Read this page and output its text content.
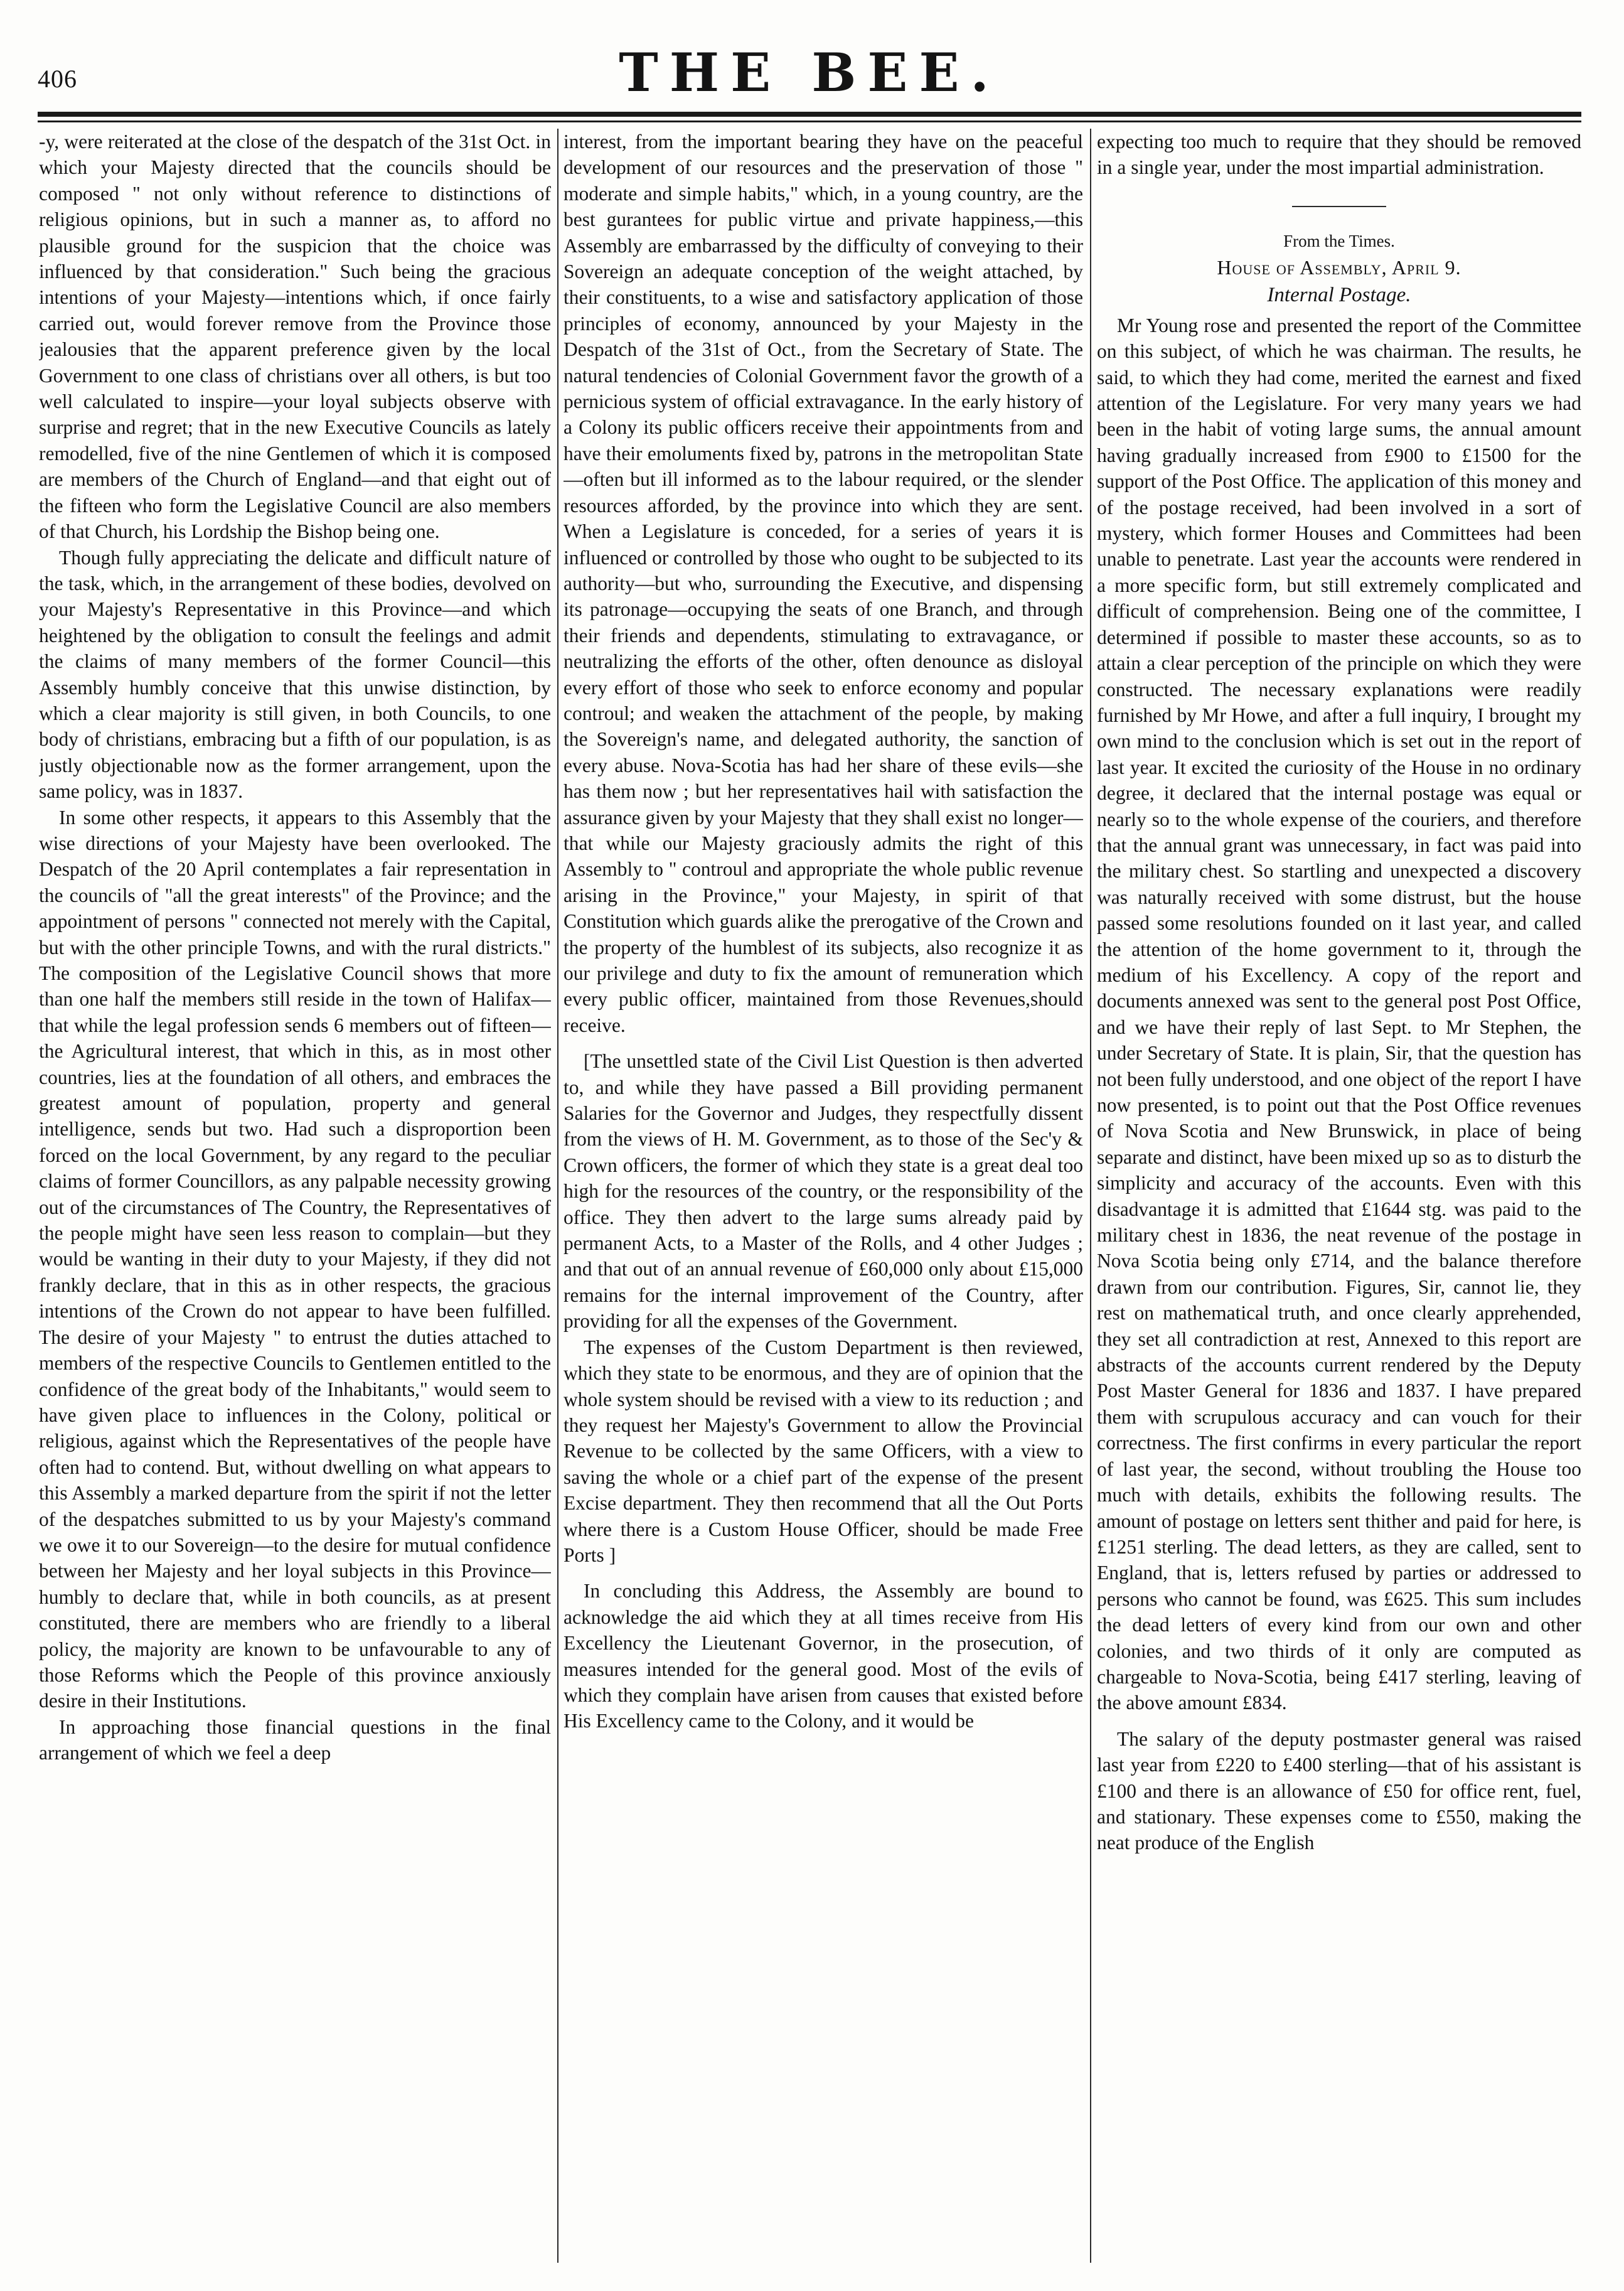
406	THE BEE.

-y, were reiterated at the close of the despatch of the 31st Oct. in which your Majesty directed that the councils should be composed " not only without reference to distinctions of religious opinions, but in such a manner as, to afford no plausible ground for the suspicion that the choice was influenced by that consideration." Such being the gracious intentions of your Majesty—intentions which, if once fairly carried out, would forever remove from the Province those jealousies that the apparent preference given by the local Government to one class of christians over all others, is but too well calculated to inspire—your loyal subjects observe with surprise and regret; that in the new Executive Councils as lately remodelled, five of the nine Gentlemen of which it is composed are members of the Church of England—and that eight out of the fifteen who form the Legislative Council are also members of that Church, his Lordship the Bishop being one.

Though fully appreciating the delicate and difficult nature of the task, which, in the arrangement of these bodies, devolved on your Majesty's Representative in this Province—and which heightened by the obligation to consult the feelings and admit the claims of many members of the former Council—this Assembly humbly conceive that this unwise distinction, by which a clear majority is still given, in both Councils, to one body of christians, embracing but a fifth of our population, is as justly objectionable now as the former arrangement, upon the same policy, was in 1837.

In some other respects, it appears to this Assembly that the wise directions of your Majesty have been overlooked. The Despatch of the 20 April contemplates a fair representation in the councils of "all the great interests" of the Province; and the appointment of persons " connected not merely with the Capital, but with the other principle Towns, and with the rural districts." The composition of the Legislative Council shows that more than one half the members still reside in the town of Halifax—that while the legal profession sends 6 members out of fifteen—the Agricultural interest, that which in this, as in most other countries, lies at the foundation of all others, and embraces the greatest amount of population, property and general intelligence, sends but two. Had such a disproportion been forced on the local Government, by any regard to the peculiar claims of former Councillors, as any palpable necessity growing out of the circumstances of The Country, the Representatives of the people might have seen less reason to complain—but they would be wanting in their duty to your Majesty, if they did not frankly declare, that in this as in other respects, the gracious intentions of the Crown do not appear to have been fulfilled. The desire of your Majesty " to entrust the duties attached to members of the respective Councils to Gentlemen entitled to the confidence of the great body of the Inhabitants," would seem to have given place to influences in the Colony, political or religious, against which the Representatives of the people have often had to contend. But, without dwelling on what appears to this Assembly a marked departure from the spirit if not the letter of the despatches submitted to us by your Majesty's command we owe it to our Sovereign—to the desire for mutual confidence between her Majesty and her loyal subjects in this Province—humbly to declare that, while in both councils, as at present constituted, there are members who are friendly to a liberal policy, the majority are known to be unfavourable to any of those Reforms which the People of this province anxiously desire in their Institutions.

In approaching those financial questions in the final arrangement of which we feel a deep

interest, from the important bearing they have on the peaceful development of our resources and the preservation of those " moderate and simple habits," which, in a young country, are the best gurantees for public virtue and private happiness,—this Assembly are embarrassed by the difficulty of conveying to their Sovereign an adequate conception of the weight attached, by their constituents, to a wise and satisfactory application of those principles of economy, announced by your Majesty in the Despatch of the 31st of Oct., from the Secretary of State. The natural tendencies of Colonial Government favor the growth of a pernicious system of official extravagance. In the early history of a Colony its public officers receive their appointments from and have their emoluments fixed by, patrons in the metropolitan State—often but ill informed as to the labour required, or the slender resources afforded, by the province into which they are sent. When a Legislature is conceded, for a series of years it is influenced or controlled by those who ought to be subjected to its authority—but who, surrounding the Executive, and dispensing its patronage—occupying the seats of one Branch, and through their friends and dependents, stimulating to extravagance, or neutralizing the efforts of the other, often denounce as disloyal every effort of those who seek to enforce economy and popular controul; and weaken the attachment of the people, by making the Sovereign's name, and delegated authority, the sanction of every abuse. Nova-Scotia has had her share of these evils—she has them now ; but her representatives hail with satisfaction the assurance given by your Majesty that they shall exist no longer—that while our Majesty graciously admits the right of this Assembly to " controul and appropriate the whole public revenue arising in the Province," your Majesty, in spirit of that Constitution which guards alike the prerogative of the Crown and the property of the humblest of its subjects, also recognize it as our privilege and duty to fix the amount of remuneration which every public officer, maintained from those Revenues,should receive.

[The unsettled state of the Civil List Question is then adverted to, and while they have passed a Bill providing permanent Salaries for the Governor and Judges, they respectfully dissent from the views of H. M. Government, as to those of the Sec'y & Crown officers, the former of which they state is a great deal too high for the resources of the country, or the responsibility of the office. They then advert to the large sums already paid by permanent Acts, to a Master of the Rolls, and 4 other Judges ; and that out of an annual revenue of £60,000 only about £15,000 remains for the internal improvement of the Country, after providing for all the expenses of the Government.

The expenses of the Custom Department is then reviewed, which they state to be enormous, and they are of opinion that the whole system should be revised with a view to its reduction ; and they request her Majesty's Government to allow the Provincial Revenue to be collected by the same Officers, with a view to saving the whole or a chief part of the expense of the present Excise department. They then recommend that all the Out Ports where there is a Custom House Officer, should be made Free Ports ]

In concluding this Address, the Assembly are bound to acknowledge the aid which they at all times receive from His Excellency the Lieutenant Governor, in the prosecution, of measures intended for the general good. Most of the evils of which they complain have arisen from causes that existed before His Excellency came to the Colony, and it would be

expecting too much to require that they should be removed in a single year, under the most impartial administration.

From the Times.
House of Assembly, April 9.
Internal Postage.

Mr Young rose and presented the report of the Committee on this subject, of which he was chairman. The results, he said, to which they had come, merited the earnest and fixed attention of the Legislature. For very many years we had been in the habit of voting large sums, the annual amount having gradually increased from £900 to £1500 for the support of the Post Office. The application of this money and of the postage received, had been involved in a sort of mystery, which former Houses and Committees had been unable to penetrate. Last year the accounts were rendered in a more specific form, but still extremely complicated and difficult of comprehension. Being one of the committee, I determined if possible to master these accounts, so as to attain a clear perception of the principle on which they were constructed. The necessary explanations were readily furnished by Mr Howe, and after a full inquiry, I brought my own mind to the conclusion which is set out in the report of last year. It excited the curiosity of the House in no ordinary degree, it declared that the internal postage was equal or nearly so to the whole expense of the couriers, and therefore that the annual grant was unnecessary, in fact was paid into the military chest. So startling and unexpected a discovery was naturally received with some distrust, but the house passed some resolutions founded on it last year, and called the attention of the home government to it, through the medium of his Excellency. A copy of the report and documents annexed was sent to the general post Post Office, and we have their reply of last Sept. to Mr Stephen, the under Secretary of State. It is plain, Sir, that the question has not been fully understood, and one object of the report I have now presented, is to point out that the Post Office revenues of Nova Scotia and New Brunswick, in place of being separate and distinct, have been mixed up so as to disturb the simplicity and accuracy of the accounts. Even with this disadvantage it is admitted that £1644 stg. was paid to the military chest in 1836, the neat revenue of the postage in Nova Scotia being only £714, and the balance therefore drawn from our contribution. Figures, Sir, cannot lie, they rest on mathematical truth, and once clearly apprehended, they set all contradiction at rest, Annexed to this report are abstracts of the accounts current rendered by the Deputy Post Master General for 1836 and 1837. I have prepared them with scrupulous accuracy and can vouch for their correctness. The first confirms in every particular the report of last year, the second, without troubling the House too much with details, exhibits the following results. The amount of postage on letters sent thither and paid for here, is £1251 sterling. The dead letters, as they are called, sent to England, that is, letters refused by parties or addressed to persons who cannot be found, was £625. This sum includes the dead letters of every kind from our own and other colonies, and two thirds of it only are computed as chargeable to Nova-Scotia, being £417 sterling, leaving of the above amount £834.

The salary of the deputy postmaster general was raised last year from £220 to £400 sterling—that of his assistant is £100 and there is an allowance of £50 for office rent, fuel, and stationary. These expenses come to £550, making the neat produce of the English
